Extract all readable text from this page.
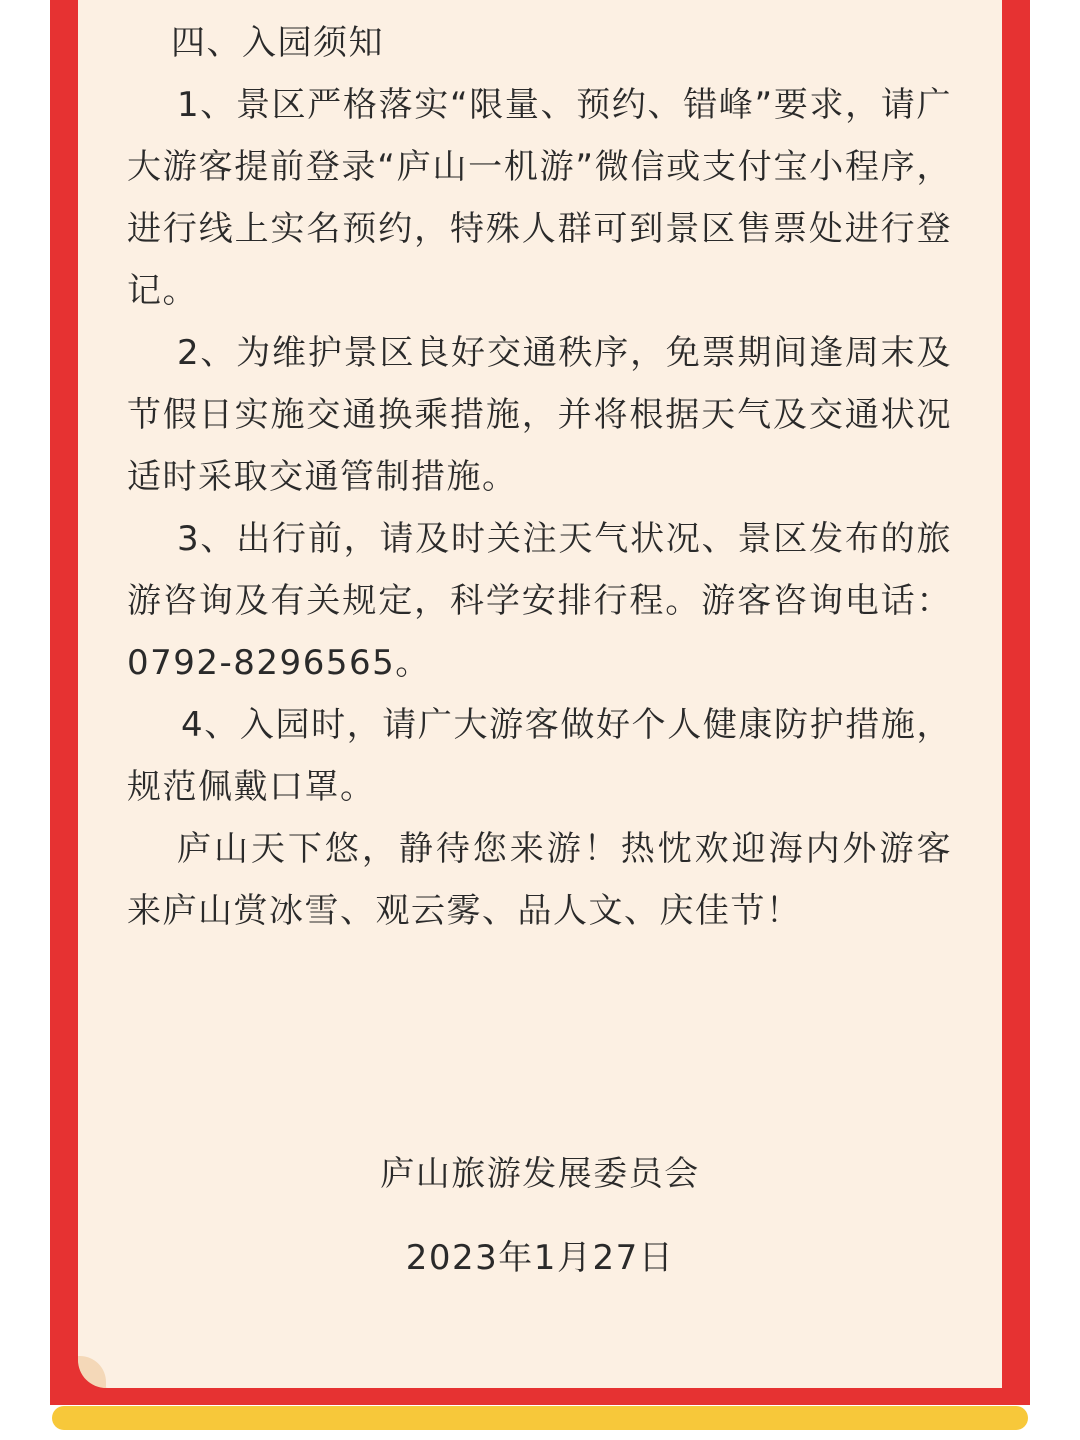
四、入园须知

1、景区严格落实“限量、预约、错峰”要求，请广大游客提前登录“庐山一机游”微信或支付宝小程序，进行线上实名预约，特殊人群可到景区售票处进行登记。

2、为维护景区良好交通秩序，免票期间逢周末及节假日实施交通换乘措施，并将根据天气及交通状况适时采取交通管制措施。

3、出行前，请及时关注天气状况、景区发布的旅游咨询及有关规定，科学安排行程。游客咨询电话：0792-8296565。

4、入园时，请广大游客做好个人健康防护措施，规范佩戴口罩。

庐山天下悠，静待您来游！热忱欢迎海内外游客来庐山赏冰雪、观云雾、品人文、庆佳节！

庐山旅游发展委员会
2023年1月27日
